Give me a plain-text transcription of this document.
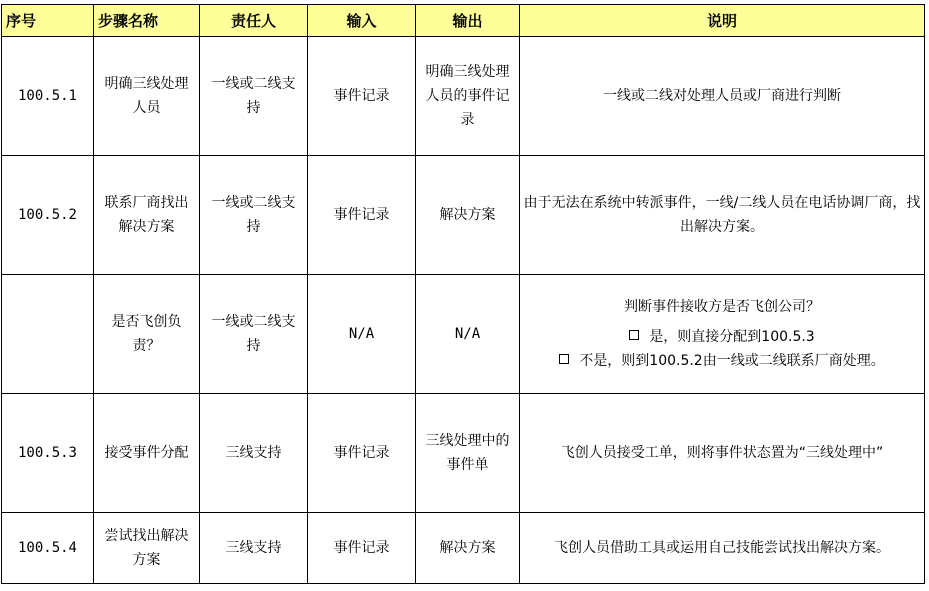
序号	步骤名称	责任人	输入	输出	说明
100.5.1	明确三线处理人员	一线或二线支持	事件记录	明确三线处理人员的事件记录	一线或二线对处理人员或厂商进行判断

100.5.2	联系厂商找出解决方案	一线或二线支持	事件记录	解决方案	由于无法在系统中转派事件，一线/二线人员在电话协调厂商，找出解决方案。

	是否飞创负责？	一线或二线支持	N/A	N/A	判断事件接收方是否飞创公司？
是，则直接分配到100.5.3
不是，则到100.5.2由一线或二线联系厂商处理。

100.5.3	接受事件分配	三线支持	事件记录	三线处理中的事件单	飞创人员接受工单，则将事件状态置为“三线处理中”

100.5.4	尝试找出解决方案	三线支持	事件记录	解决方案	飞创人员借助工具或运用自己技能尝试找出解决方案。
